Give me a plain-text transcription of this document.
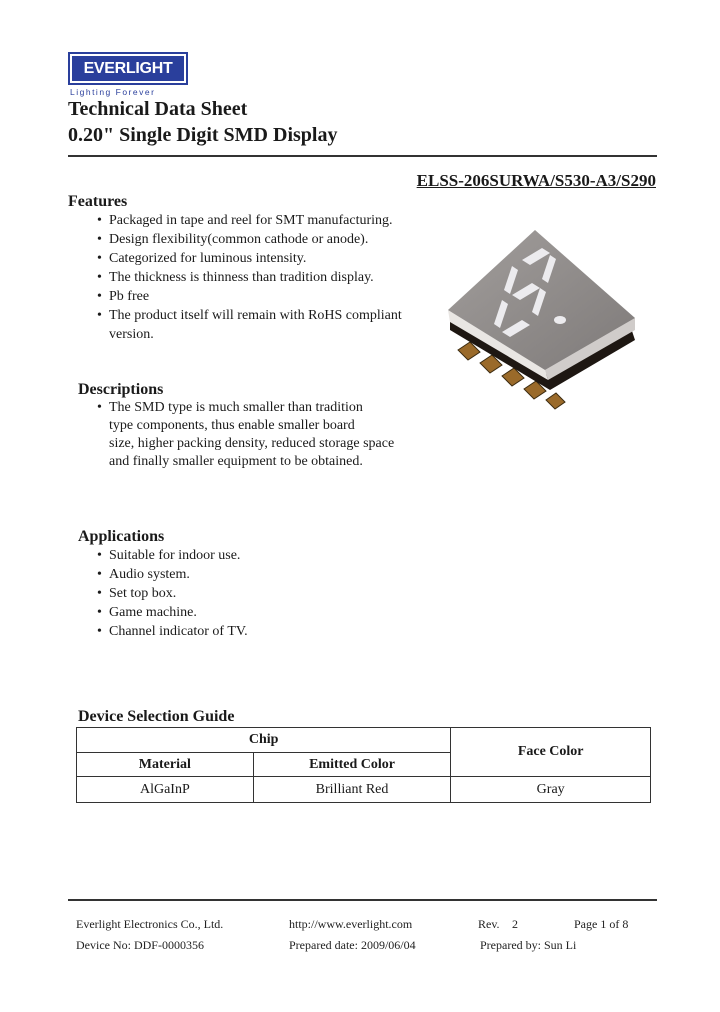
EVERLIGHT
Lighting Forever
Technical Data Sheet
0.20" Single Digit SMD Display
ELSS-206SURWA/S530-A3/S290
Features
• Packaged in tape and reel for SMT manufacturing.
• Design flexibility(common cathode or anode).
• Categorized for luminous intensity.
• The thickness is thinness than tradition display.
• Pb free
• The product itself will remain with RoHS compliant version.
Descriptions
• The SMD type is much smaller than tradition
type components, thus enable smaller board
size, higher packing density, reduced storage space
and finally smaller equipment to be obtained.
Applications
• Suitable for indoor use.
• Audio system.
• Set top box.
• Game machine.
• Channel indicator of TV.
Device Selection Guide
Chip		Face Color
Material	Emitted Color	
AlGaInP	Brilliant Red	Gray
Everlight Electronics Co., Ltd.	http://www.everlight.com	Rev. 2	Page 1 of 8
Device No: DDF-0000356	Prepared date: 2009/06/04	Prepared by: Sun Li
